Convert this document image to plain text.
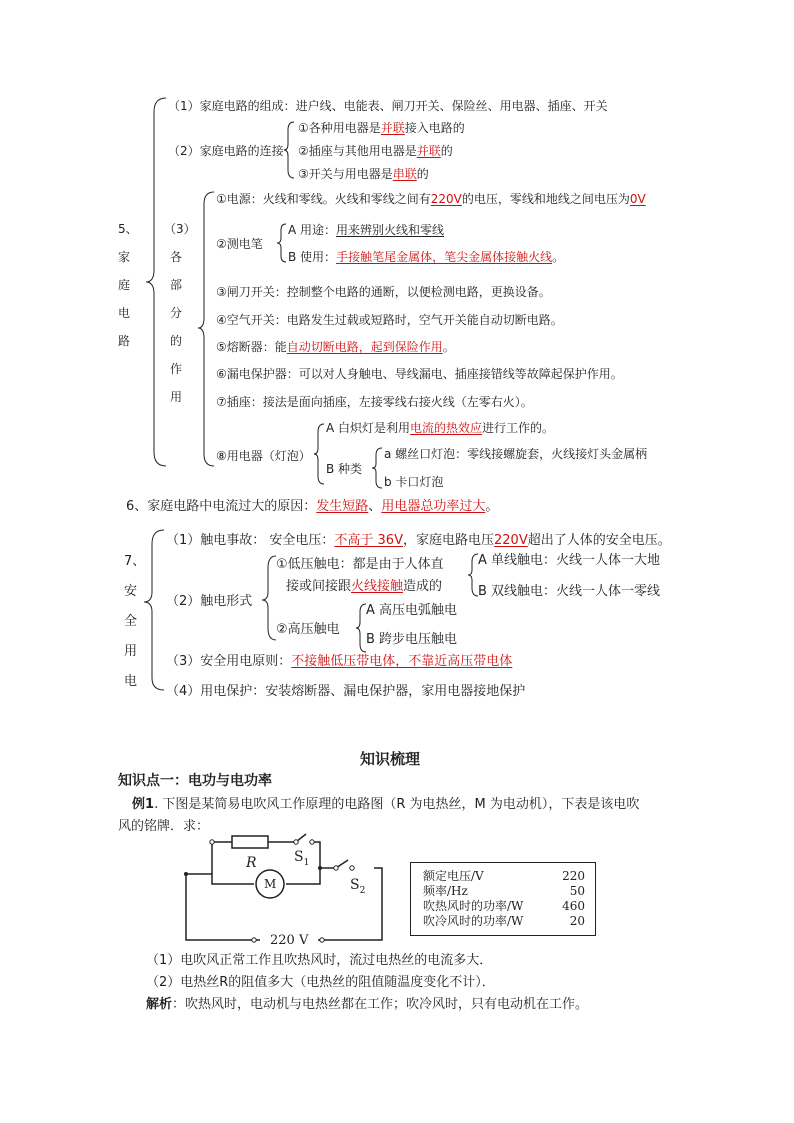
5、
家
庭
电
路
（1）家庭电路的组成：进户线、电能表、闸刀开关、保险丝、用电器、插座、开关
（2）家庭电路的连接
①各种用电器是并联接入电路的
②插座与其他用电器是并联的
③开关与用电器是串联的
（3）
各
部
分
的
作
用
①电源：火线和零线。火线和零线之间有220V的电压，零线和地线之间电压为0V
②测电笔
A 用途：用来辨别火线和零线
B 使用：手接触笔尾金属体，笔尖金属体接触火线。
③闸刀开关：控制整个电路的通断，以便检测电路，更换设备。
④空气开关：电路发生过载或短路时，空气开关能自动切断电路。
⑤熔断器：能自动切断电路，起到保险作用。
⑥漏电保护器：可以对人身触电、导线漏电、插座接错线等故障起保护作用。
⑦插座：接法是面向插座，左接零线右接火线（左零右火）。
⑧用电器（灯泡）
A 白炽灯是利用电流的热效应进行工作的。
B 种类
a 螺丝口灯泡：零线接螺旋套，火线接灯头金属柄
b 卡口灯泡
6、家庭电路中电流过大的原因：发生短路、用电器总功率过大。
7、
安
全
用
电
（1）触电事故： 安全电压：不高于 36V，家庭电路电压220V超出了人体的安全电压。
（2）触电形式
①低压触电：都是由于人体直
接或间接跟火线接触造成的
A 单线触电：火线一人体一大地
B 双线触电：火线一人体一零线
②高压触电
A 高压电弧触电
B 跨步电压触电
（3）安全用电原则：不接触低压带电体，不靠近高压带电体
（4）用电保护：安装熔断器、漏电保护器，家用电器接地保护
知识梳理
知识点一：电功与电功率
例1. 下图是某简易电吹风工作原理的电路图（R 为电热丝，M 为电动机），下表是该电吹
风的铭牌．求：
R	$S_1$
M	$S_2$
220 V
额定电压/V	220
频率/Hz	50
吹热风时的功率/W	460
吹冷风时的功率/W	20
（1）电吹风正常工作且吹热风时，流过电热丝的电流多大．
（2）电热丝R的阻值多大（电热丝的阻值随温度变化不计）．
解析：吹热风时，电动机与电热丝都在工作；吹冷风时，只有电动机在工作。
